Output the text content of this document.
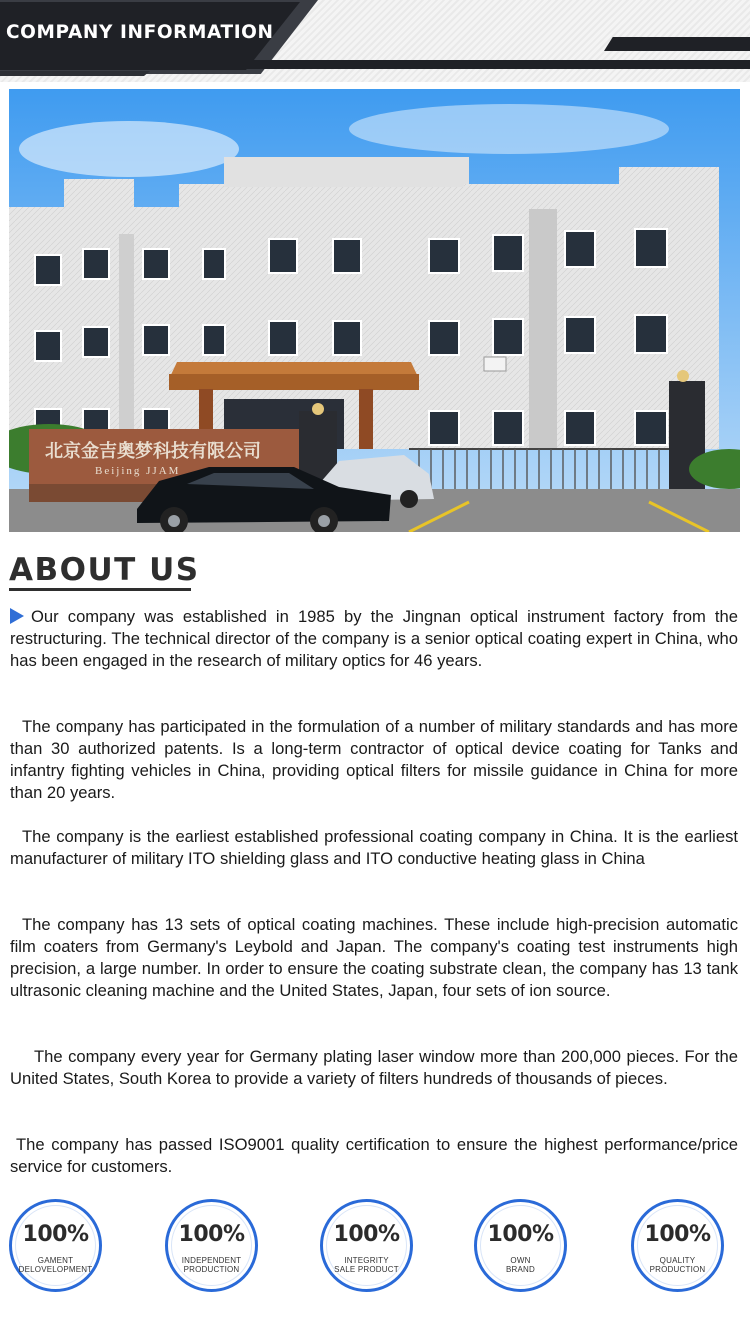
COMPANY INFORMATION
北京金吉奥梦科技有限公司
Beijing JJAM
ABOUT US

Our company was established in 1985 by the Jingnan optical instrument factory from the restructuring. The technical director of the company is a senior optical coating expert in China, who has been engaged in the research of military optics for 46 years.

The company has participated in the formulation of a number of military standards and has more than 30 authorized patents. Is a long-term contractor of optical device coating for Tanks and infantry fighting vehicles in China, providing optical filters for missile guidance in China for more than 20 years.

The company is the earliest established professional coating company in China. It is the earliest manufacturer of military ITO shielding glass and ITO conductive heating glass in China

The company has 13 sets of optical coating machines. These include high-precision automatic film coaters from Germany's Leybold and Japan. The company's coating test instruments high precision, a large number. In order to ensure the coating substrate clean, the company has 13 tank ultrasonic cleaning machine and the United States, Japan, four sets of ion source.

The company every year for Germany plating laser window more than 200,000 pieces. For the United States, South Korea to provide a variety of filters hundreds of thousands of pieces.

The company has passed ISO9001 quality certification to ensure the highest performance/price service for customers.

100%
GAMENT
DELOVELOPMENT
100%
INDEPENDENT
PRODUCTION
100%
INTEGRITY
SALE PRODUCT
100%
OWN
BRAND
100%
QUALITY
PRODUCTION
